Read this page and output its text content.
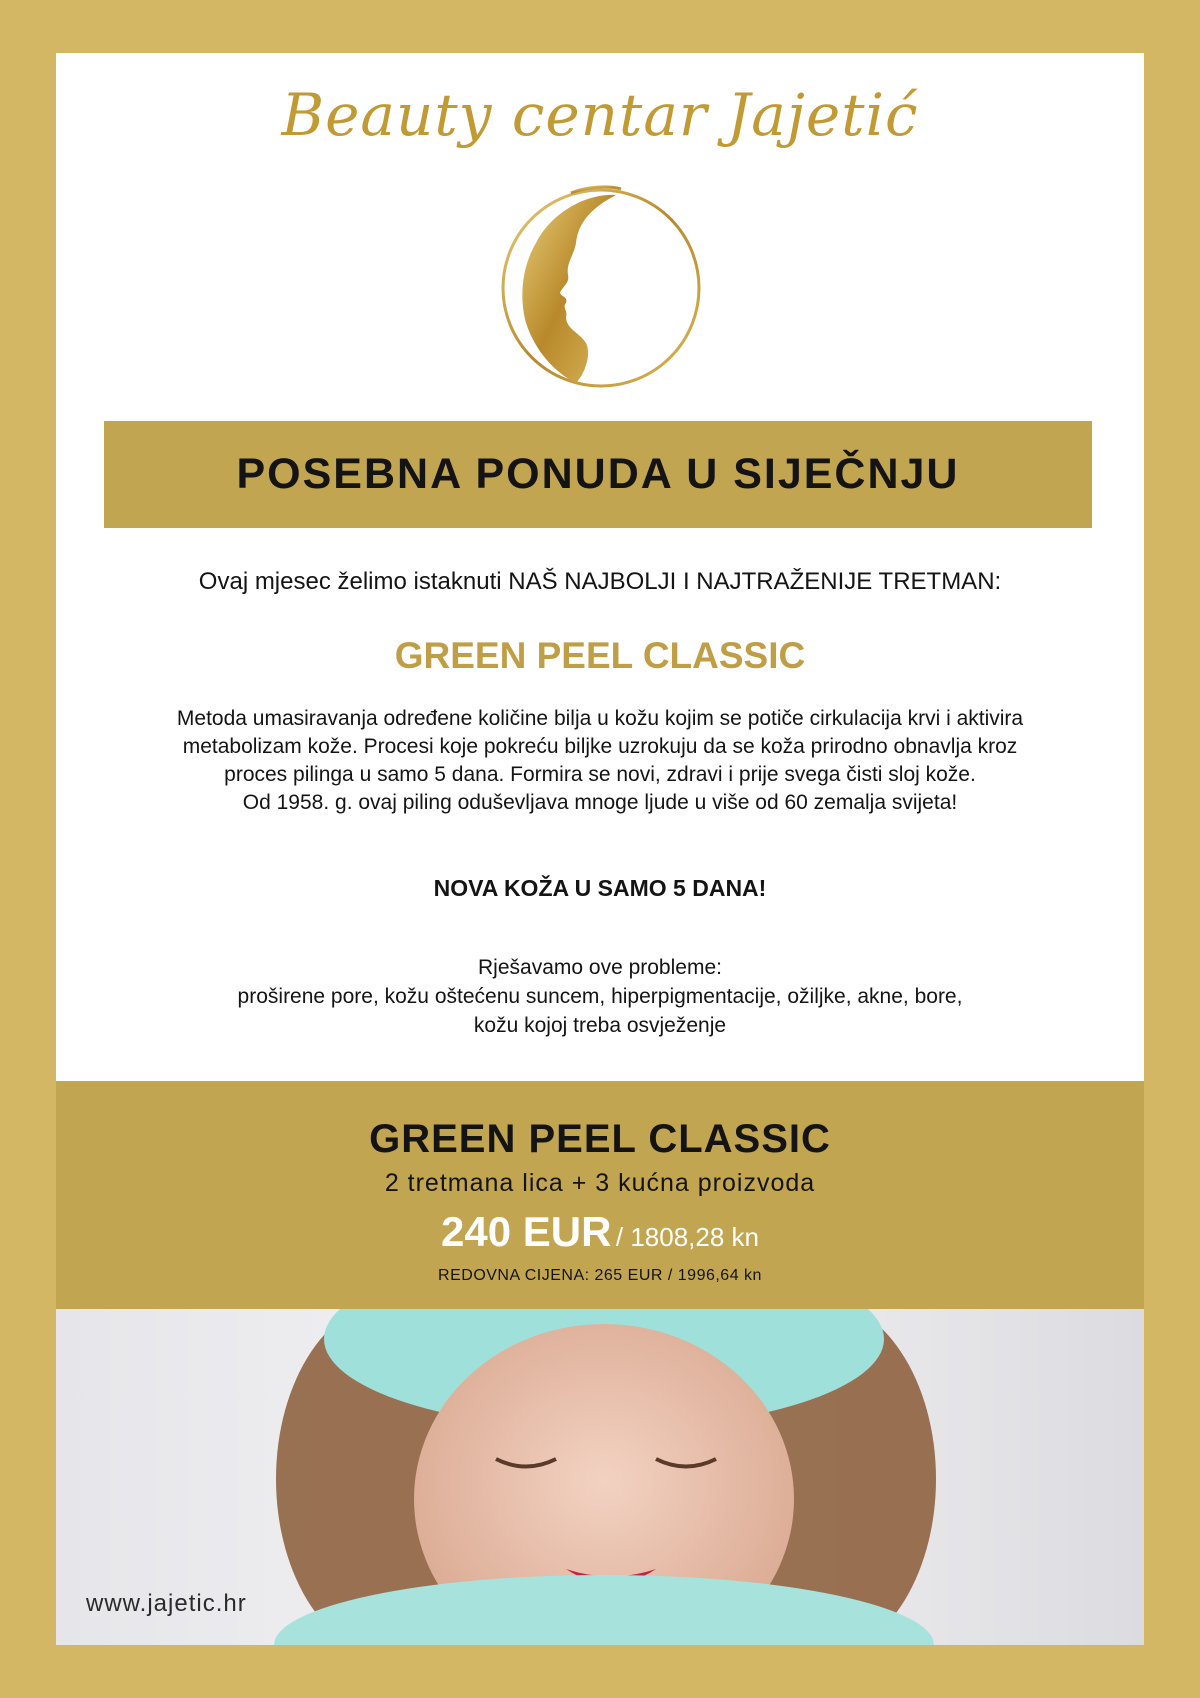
Beauty centar Jajetić
POSEBNA PONUDA U SIJEČNJU
Ovaj mjesec želimo istaknuti NAŠ NAJBOLJI I NAJTRAŽENIJE TRETMAN:
GREEN PEEL CLASSIC
Metoda umasiravanja određene količine bilja u kožu kojim se potiče cirkulacija krvi i aktivira
metabolizam kože. Procesi koje pokreću biljke uzrokuju da se koža prirodno obnavlja kroz
proces pilinga u samo 5 dana. Formira se novi, zdravi i prije svega čisti sloj kože.
Od 1958. g. ovaj piling oduševljava mnoge ljude u više od 60 zemalja svijeta!
NOVA KOŽA U SAMO 5 DANA!
Rješavamo ove probleme:
proširene pore, kožu oštećenu suncem, hiperpigmentacije, ožiljke, akne, bore,
kožu kojoj treba osvježenje
GREEN PEEL CLASSIC
2 tretmana lica + 3 kućna proizvoda
240 EUR / 1808,28 kn
REDOVNA CIJENA: 265 EUR / 1996,64 kn
www.jajetic.hr
